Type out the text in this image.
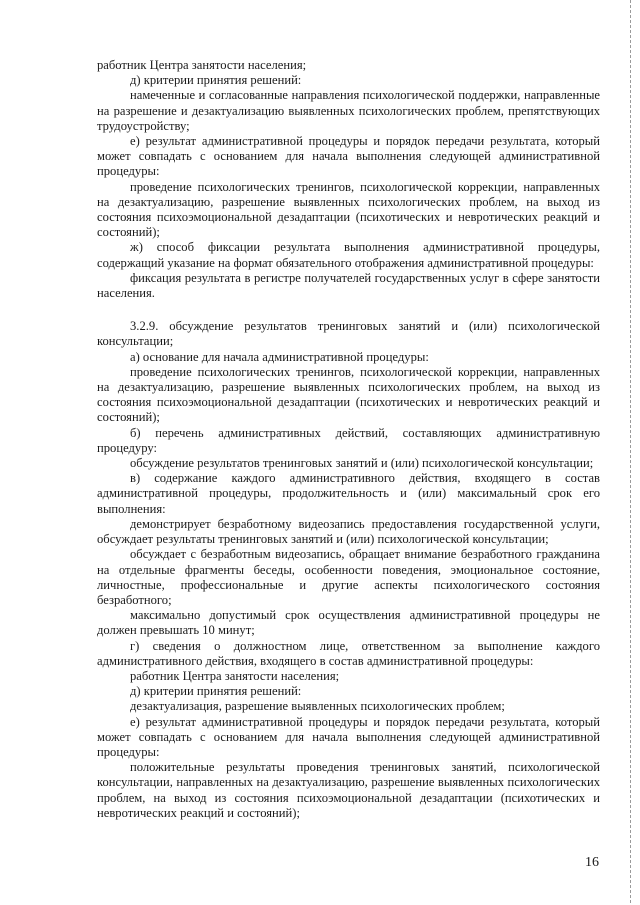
работник Центра занятости населения;

д) критерии принятия решений:

намеченные и согласованные направления психологической поддержки, направленные на разрешение и дезактуализацию выявленных психологических проблем, препятствующих трудоустройству;

е) результат административной процедуры и порядок передачи результата, который может совпадать с основанием для начала выполнения следующей административной процедуры:

проведение психологических тренингов, психологической коррекции, направленных на дезактуализацию, разрешение выявленных психологических проблем, на выход из состояния психоэмоциональной дезадаптации (психотических и невротических реакций и состояний);

ж) способ фиксации результата выполнения административной процедуры, содержащий указание на формат обязательного отображения административной процедуры:

фиксация результата в регистре получателей государственных услуг в сфере занятости населения.

3.2.9. обсуждение результатов тренинговых занятий и (или) психологической консультации;

а) основание для начала административной процедуры:

проведение психологических тренингов, психологической коррекции, направленных на дезактуализацию, разрешение выявленных психологических проблем, на выход из состояния психоэмоциональной дезадаптации (психотических и невротических реакций и состояний);

б) перечень административных действий, составляющих административную процедуру:

обсуждение результатов тренинговых занятий и (или) психологической консультации;

в) содержание каждого административного действия, входящего в состав административной процедуры, продолжительность и (или) максимальный срок его выполнения:

демонстрирует безработному видеозапись предоставления государственной услуги, обсуждает результаты тренинговых занятий и (или) психологической консультации;

обсуждает с безработным видеозапись, обращает внимание безработного гражданина на отдельные фрагменты беседы, особенности поведения, эмоциональное состояние, личностные, профессиональные и другие аспекты психологического состояния безработного;

максимально допустимый срок осуществления административной процедуры не должен превышать 10 минут;

г) сведения о должностном лице, ответственном за выполнение каждого административного действия, входящего в состав административной процедуры:

работник Центра занятости населения;

д) критерии принятия решений:

дезактуализация, разрешение выявленных психологических проблем;

е) результат административной процедуры и порядок передачи результата, который может совпадать с основанием для начала выполнения следующей административной процедуры:

положительные результаты проведения тренинговых занятий, психологической консультации, направленных на дезактуализацию, разрешение выявленных психологических проблем, на выход из состояния психоэмоциональной дезадаптации (психотических и невротических реакций и состояний);

16
